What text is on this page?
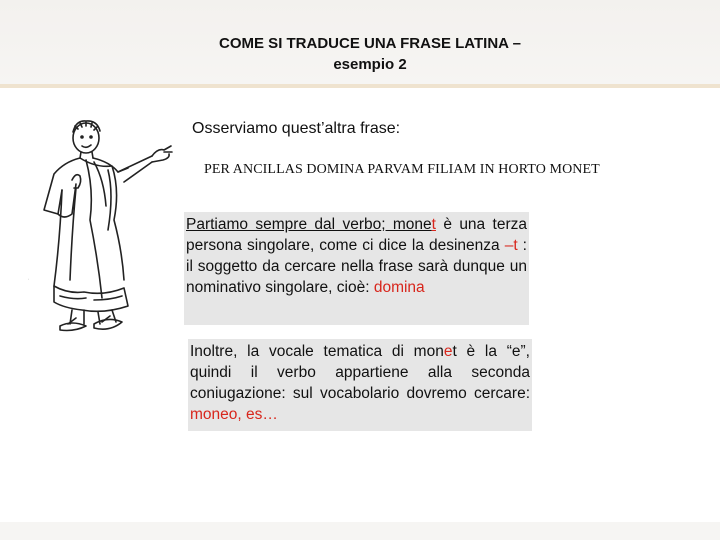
COME SI TRADUCE UNA FRASE LATINA –
esempio 2
·
Osserviamo quest’altra frase:
PER ANCILLAS DOMINA PARVAM FILIAM IN HORTO MONET
Partiamo sempre dal verbo; monet è una terza persona singolare, come ci dice la desinenza –t : il soggetto da cercare nella frase sarà dunque un nominativo singolare, cioè: domina
Inoltre, la vocale tematica di monet è la “e”, quindi il verbo appartiene alla seconda coniugazione: sul vocabolario dovremo cercare: moneo, es…
